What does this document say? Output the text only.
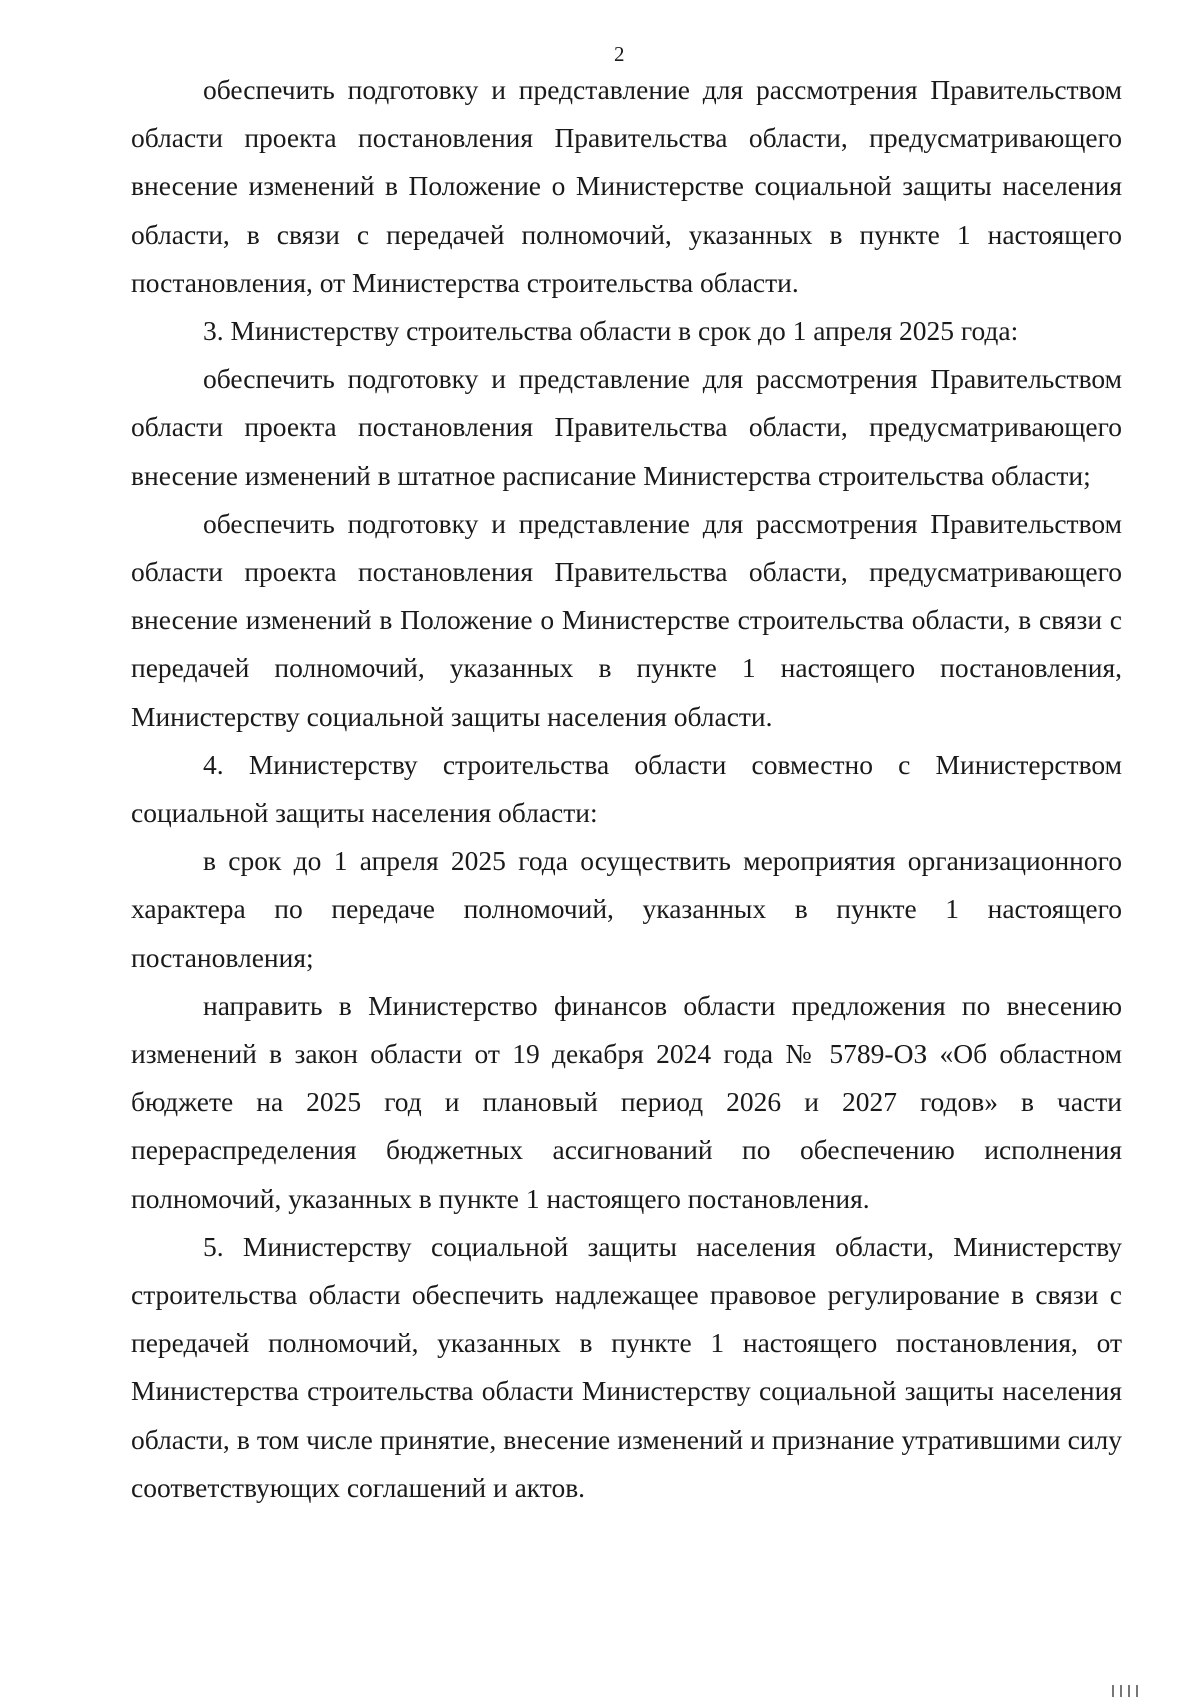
2

обеспечить подготовку и представление для рассмотрения Правительством области проекта постановления Правительства области, предусматривающего внесение изменений в Положение о Министерстве социальной защиты населения области, в связи с передачей полномочий, указанных в пункте 1 настоящего постановления, от Министерства строительства области.

3. Министерству строительства области в срок до 1 апреля 2025 года:

обеспечить подготовку и представление для рассмотрения Правительством области проекта постановления Правительства области, предусматривающего внесение изменений в штатное расписание Министерства строительства области;

обеспечить подготовку и представление для рассмотрения Правительством области проекта постановления Правительства области, предусматривающего внесение изменений в Положение о Министерстве строительства области, в связи с передачей полномочий, указанных в пункте 1 настоящего постановления, Министерству социальной защиты населения области.

4. Министерству строительства области совместно с Министерством социальной защиты населения области:

в срок до 1 апреля 2025 года осуществить мероприятия организационного характера по передаче полномочий, указанных в пункте 1 настоящего постановления;

направить в Министерство финансов области предложения по внесению изменений в закон области от 19 декабря 2024 года № 5789-ОЗ «Об областном бюджете на 2025 год и плановый период 2026 и 2027 годов» в части перераспределения бюджетных ассигнований по обеспечению исполнения полномочий, указанных в пункте 1 настоящего постановления.

5. Министерству социальной защиты населения области, Министерству строительства области обеспечить надлежащее правовое регулирование в связи с передачей полномочий, указанных в пункте 1 настоящего постановления, от Министерства строительства области Министерству социальной защиты населения области, в том числе принятие, внесение изменений и признание утратившими силу соответствующих соглашений и актов.
